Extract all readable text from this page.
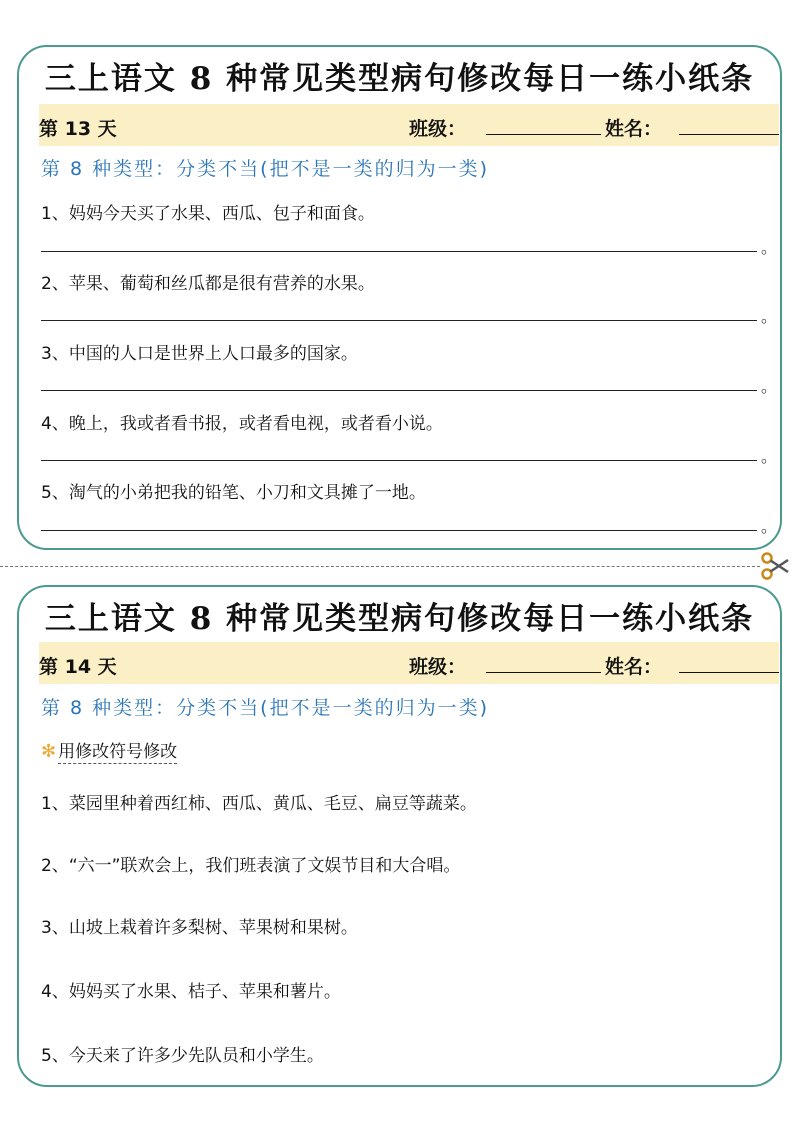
三上语文 8 种常见类型病句修改每日一练小纸条
第 13 天	班级：	姓名：
第 8 种类型：分类不当(把不是一类的归为一类)
1、妈妈今天买了水果、西瓜、包子和面食。
。
2、苹果、葡萄和丝瓜都是很有营养的水果。
。
3、中国的人口是世界上人口最多的国家。
。
4、晚上，我或者看书报，或者看电视，或者看小说。
。
5、淘气的小弟把我的铅笔、小刀和文具摊了一地。
。
三上语文 8 种常见类型病句修改每日一练小纸条
第 14 天	班级：	姓名：
第 8 种类型：分类不当(把不是一类的归为一类)
✻ 用修改符号修改
1、菜园里种着西红柿、西瓜、黄瓜、毛豆、扁豆等蔬菜。
2、“六一”联欢会上，我们班表演了文娱节目和大合唱。
3、山坡上栽着许多梨树、苹果树和果树。
4、妈妈买了水果、桔子、苹果和薯片。
5、今天来了许多少先队员和小学生。
